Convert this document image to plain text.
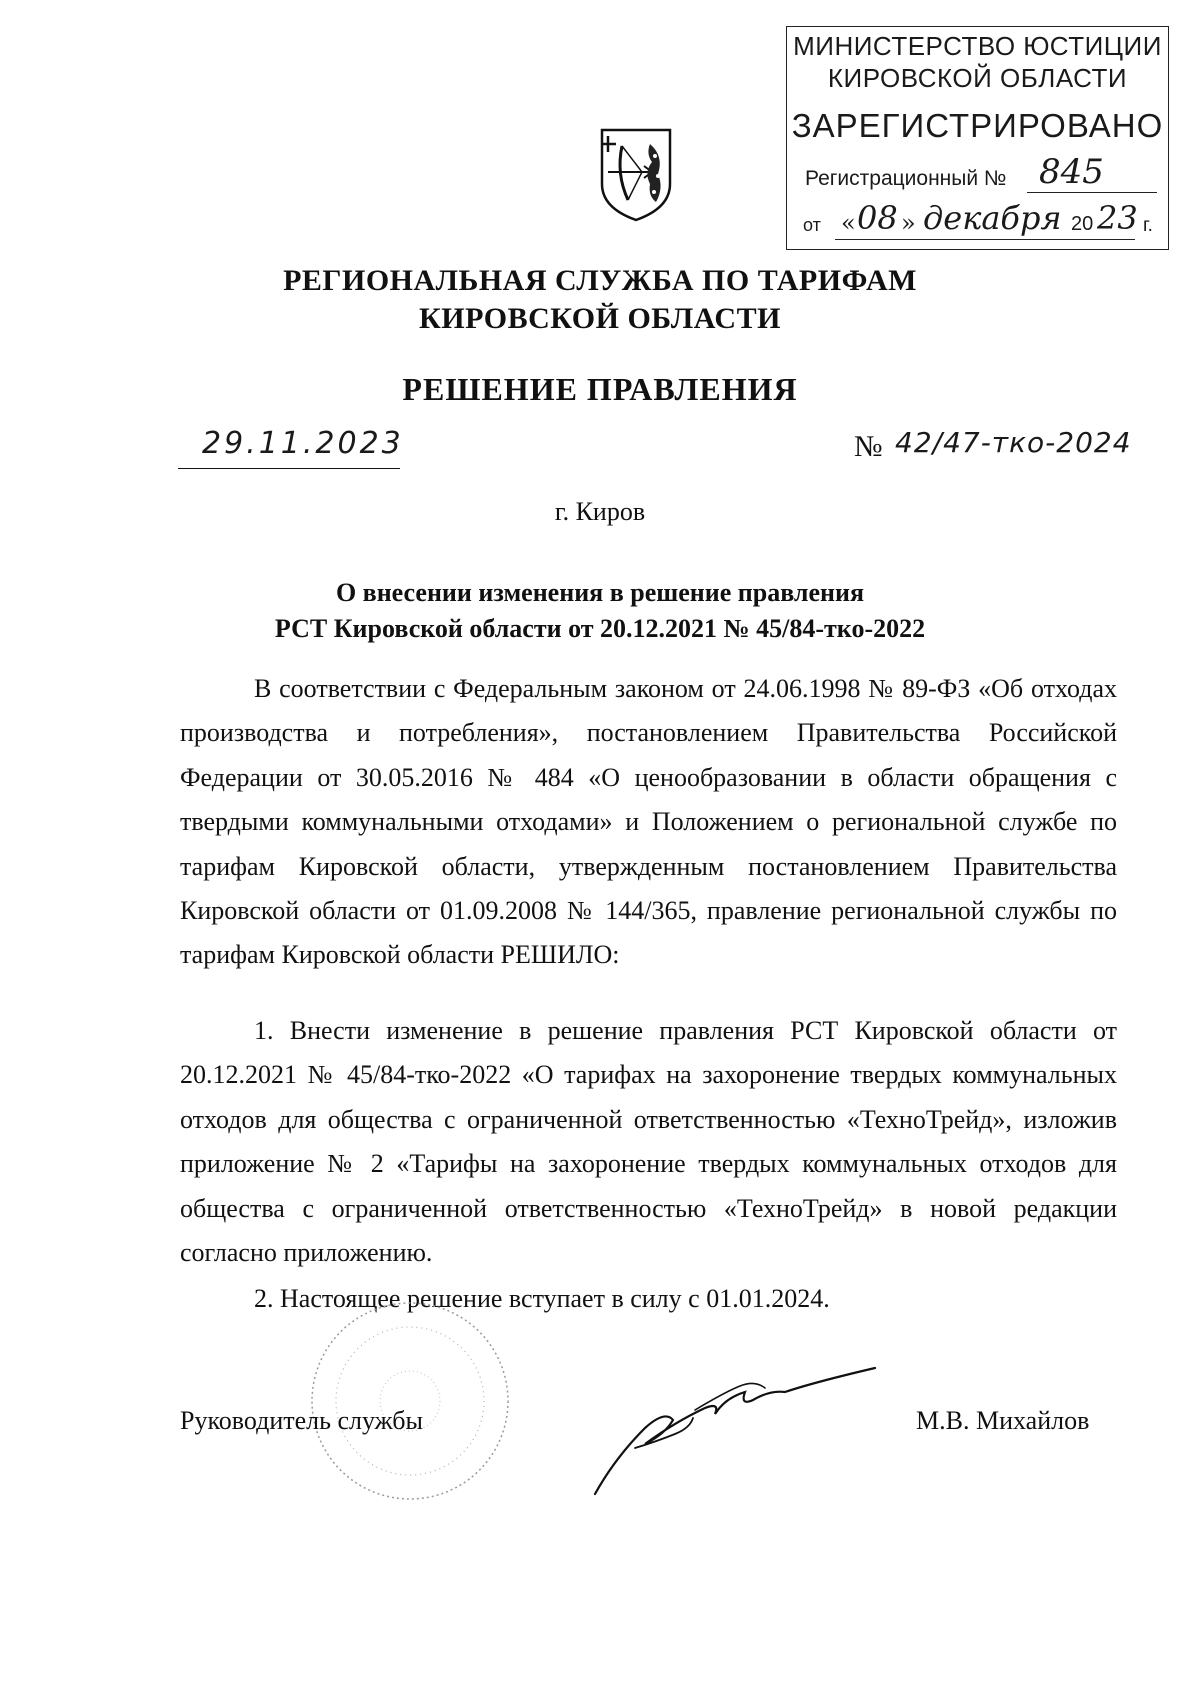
МИНИСТЕРСТВО ЮСТИЦИИ
КИРОВСКОЙ ОБЛАСТИ
ЗАРЕГИСТРИРОВАНО
Регистрационный № 845
от « 08 » декабря 20 23 г.
РЕГИОНАЛЬНАЯ СЛУЖБА ПО ТАРИФАМ
КИРОВСКОЙ ОБЛАСТИ
РЕШЕНИЕ ПРАВЛЕНИЯ
29.11.2023	№ 42/47-тко-2024
г. Киров
О внесении изменения в решение правления
РСТ Кировской области от 20.12.2021 № 45/84-тко-2022
В соответствии с Федеральным законом от 24.06.1998 № 89-ФЗ «Об отходах производства и потребления», постановлением Правительства Российской Федерации от 30.05.2016 № 484 «О ценообразовании в области обращения с твердыми коммунальными отходами» и Положением о региональной службе по тарифам Кировской области, утвержденным постановлением Правительства Кировской области от 01.09.2008 № 144/365, правление региональной службы по тарифам Кировской области РЕШИЛО:
1. Внести изменение в решение правления РСТ Кировской области от 20.12.2021 № 45/84-тко-2022 «О тарифах на захоронение твердых коммунальных отходов для общества с ограниченной ответственностью «ТехноТрейд», изложив приложение № 2 «Тарифы на захоронение твердых коммунальных отходов для общества с ограниченной ответственностью «ТехноТрейд» в новой редакции согласно приложению.
2. Настоящее решение вступает в силу с 01.01.2024.
Руководитель службы	М.В. Михайлов
